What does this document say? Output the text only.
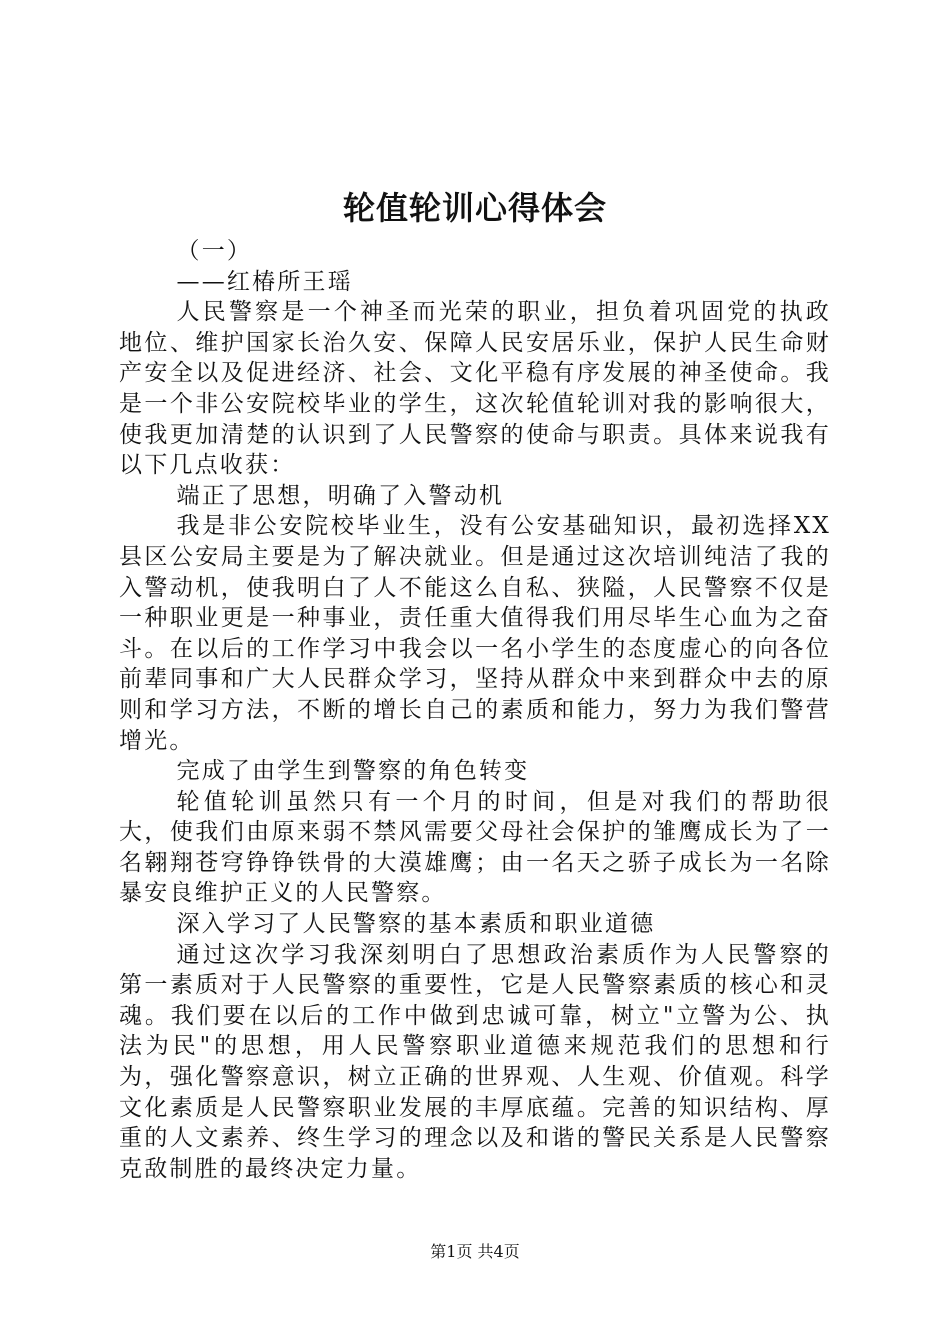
轮值轮训心得体会

（一）

——红椿所王瑶

人民警察是一个神圣而光荣的职业，担负着巩固党的执政地位、维护国家长治久安、保障人民安居乐业，保护人民生命财产安全以及促进经济、社会、文化平稳有序发展的神圣使命。我是一个非公安院校毕业的学生，这次轮值轮训对我的影响很大，使我更加清楚的认识到了人民警察的使命与职责。具体来说我有以下几点收获：

端正了思想，明确了入警动机

我是非公安院校毕业生，没有公安基础知识，最初选择XX县区公安局主要是为了解决就业。但是通过这次培训纯洁了我的入警动机，使我明白了人不能这么自私、狭隘，人民警察不仅是一种职业更是一种事业，责任重大值得我们用尽毕生心血为之奋斗。在以后的工作学习中我会以一名小学生的态度虚心的向各位前辈同事和广大人民群众学习，坚持从群众中来到群众中去的原则和学习方法，不断的增长自己的素质和能力，努力为我们警营增光。

完成了由学生到警察的角色转变

轮值轮训虽然只有一个月的时间，但是对我们的帮助很大，使我们由原来弱不禁风需要父母社会保护的雏鹰成长为了一名翱翔苍穹铮铮铁骨的大漠雄鹰；由一名天之骄子成长为一名除暴安良维护正义的人民警察。

深入学习了人民警察的基本素质和职业道德

通过这次学习我深刻明白了思想政治素质作为人民警察的第一素质对于人民警察的重要性，它是人民警察素质的核心和灵魂。我们要在以后的工作中做到忠诚可靠，树立"立警为公、执法为民"的思想，用人民警察职业道德来规范我们的思想和行为，强化警察意识，树立正确的世界观、人生观、价值观。科学文化素质是人民警察职业发展的丰厚底蕴。完善的知识结构、厚重的人文素养、终生学习的理念以及和谐的警民关系是人民警察克敌制胜的最终决定力量。

第1页 共4页
